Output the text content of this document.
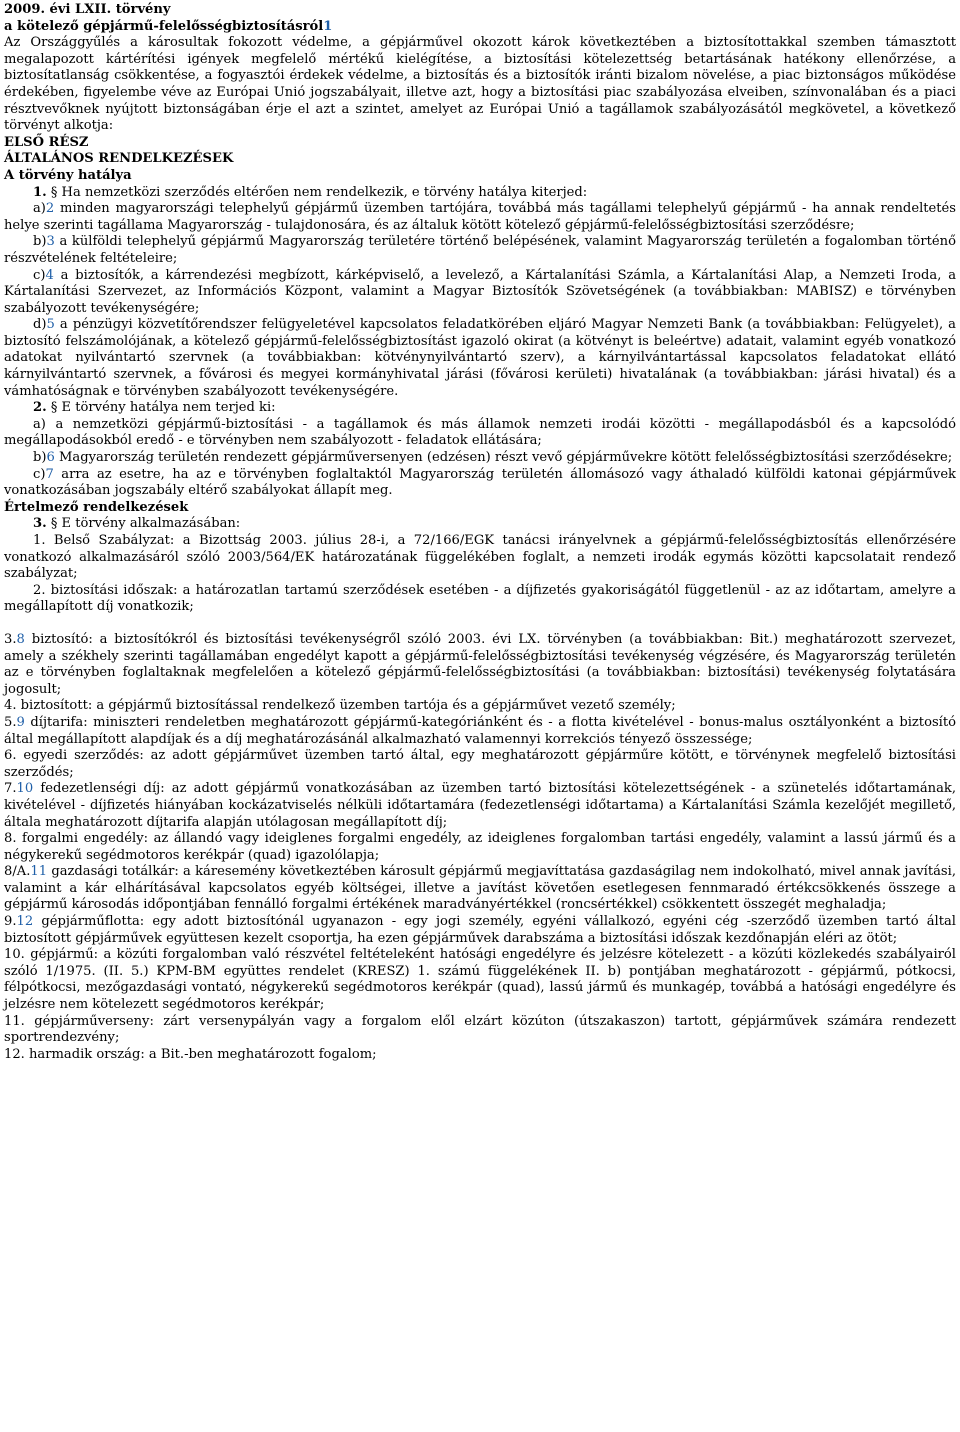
2009. évi LXII. törvény

a kötelező gépjármű-felelősségbiztosításról1

Az Országgyűlés a károsultak fokozott védelme, a gépjárművel okozott károk következtében a biztosítottakkal szemben támasztott megalapozott kártérítési igények megfelelő mértékű kielégítése, a biztosítási kötelezettség betartásának hatékony ellenőrzése, a biztosítatlanság csökkentése, a fogyasztói érdekek védelme, a biztosítás és a biztosítók iránti bizalom növelése, a piac biztonságos működése érdekében, figyelembe véve az Európai Unió jogszabályait, illetve azt, hogy a biztosítási piac szabályozása elveiben, színvonalában és a piaci résztvevőknek nyújtott biztonságában érje el azt a szintet, amelyet az Európai Unió a tagállamok szabályozásától megkövetel, a következő törvényt alkotja:

ELSŐ RÉSZ

ÁLTALÁNOS RENDELKEZÉSEK

A törvény hatálya

1. § Ha nemzetközi szerződés eltérően nem rendelkezik, e törvény hatálya kiterjed:

a)2 minden magyarországi telephelyű gépjármű üzemben tartójára, továbbá más tagállami telephelyű gépjármű - ha annak rendeltetés helye szerinti tagállama Magyarország - tulajdonosára, és az általuk kötött kötelező gépjármű-felelősségbiztosítási szerződésre;

b)3 a külföldi telephelyű gépjármű Magyarország területére történő belépésének, valamint Magyarország területén a fogalomban történő részvételének feltételeire;

c)4 a biztosítók, a kárrendezési megbízott, kárképviselő, a levelező, a Kártalanítási Számla, a Kártalanítási Alap, a Nemzeti Iroda, a Kártalanítási Szervezet, az Információs Központ, valamint a Magyar Biztosítók Szövetségének (a továbbiakban: MABISZ) e törvényben szabályozott tevékenységére;

d)5 a pénzügyi közvetítőrendszer felügyeletével kapcsolatos feladatkörében eljáró Magyar Nemzeti Bank (a továbbiakban: Felügyelet), a biztosító felszámolójának, a kötelező gépjármű-felelősségbiztosítást igazoló okirat (a kötvényt is beleértve) adatait, valamint egyéb vonatkozó adatokat nyilvántartó szervnek (a továbbiakban: kötvénynyilvántartó szerv), a kárnyilvántartással kapcsolatos feladatokat ellátó kárnyilvántartó szervnek, a fővárosi és megyei kormányhivatal járási (fővárosi kerületi) hivatalának (a továbbiakban: járási hivatal) és a vámhatóságnak e törvényben szabályozott tevékenységére.

2. § E törvény hatálya nem terjed ki:

a) a nemzetközi gépjármű-biztosítási - a tagállamok és más államok nemzeti irodái közötti - megállapodásból és a kapcsolódó megállapodásokból eredő - e törvényben nem szabályozott - feladatok ellátására;

b)6 Magyarország területén rendezett gépjárműversenyen (edzésen) részt vevő gépjárművekre kötött felelősségbiztosítási szerződésekre;

c)7 arra az esetre, ha az e törvényben foglaltaktól Magyarország területén állomásozó vagy áthaladó külföldi katonai gépjárművek vonatkozásában jogszabály eltérő szabályokat állapít meg.

Értelmező rendelkezések

3. § E törvény alkalmazásában:

1. Belső Szabályzat: a Bizottság 2003. július 28-i, a 72/166/EGK tanácsi irányelvnek a gépjármű-felelősségbiztosítás ellenőrzésére vonatkozó alkalmazásáról szóló 2003/564/EK határozatának függelékében foglalt, a nemzeti irodák egymás közötti kapcsolatait rendező szabályzat;

2. biztosítási időszak: a határozatlan tartamú szerződések esetében - a díjfizetés gyakoriságától függetlenül - az az időtartam, amelyre a megállapított díj vonatkozik;

3.8 biztosító: a biztosítókról és biztosítási tevékenységről szóló 2003. évi LX. törvényben (a továbbiakban: Bit.) meghatározott szervezet, amely a székhely szerinti tagállamában engedélyt kapott a gépjármű-felelősségbiztosítási tevékenység végzésére, és Magyarország területén az e törvényben foglaltaknak megfelelően a kötelező gépjármű-felelősségbiztosítási (a továbbiakban: biztosítási) tevékenység folytatására jogosult;

4. biztosított: a gépjármű biztosítással rendelkező üzemben tartója és a gépjárművet vezető személy;

5.9 díjtarifa: miniszteri rendeletben meghatározott gépjármű-kategóriánként és - a flotta kivételével - bonus-malus osztályonként a biztosító által megállapított alapdíjak és a díj meghatározásánál alkalmazható valamennyi korrekciós tényező összessége;

6. egyedi szerződés: az adott gépjárművet üzemben tartó által, egy meghatározott gépjárműre kötött, e törvénynek megfelelő biztosítási szerződés;

7.10 fedezetlenségi díj: az adott gépjármű vonatkozásában az üzemben tartó biztosítási kötelezettségének - a szünetelés időtartamának, kivételével - díjfizetés hiányában kockázatviselés nélküli időtartamára (fedezetlenségi időtartama) a Kártalanítási Számla kezelőjét megillető, általa meghatározott díjtarifa alapján utólagosan megállapított díj;

8. forgalmi engedély: az állandó vagy ideiglenes forgalmi engedély, az ideiglenes forgalomban tartási engedély, valamint a lassú jármű és a négykerekű segédmotoros kerékpár (quad) igazolólapja;

8/A.11 gazdasági totálkár: a káresemény következtében károsult gépjármű megjavíttatása gazdaságilag nem indokolható, mivel annak javítási, valamint a kár elhárításával kapcsolatos egyéb költségei, illetve a javítást követően esetlegesen fennmaradó értékcsökkenés összege a gépjármű károsodás időpontjában fennálló forgalmi értékének maradványértékkel (roncsértékkel) csökkentett összegét meghaladja;

9.12 gépjárműflotta: egy adott biztosítónál ugyanazon - egy jogi személy, egyéni vállalkozó, egyéni cég -szerződő üzemben tartó által biztosított gépjárművek együttesen kezelt csoportja, ha ezen gépjárművek darabszáma a biztosítási időszak kezdőnapján eléri az ötöt;

10. gépjármű: a közúti forgalomban való részvétel feltételeként hatósági engedélyre és jelzésre kötelezett - a közúti közlekedés szabályairól szóló 1/1975. (II. 5.) KPM-BM együttes rendelet (KRESZ) 1. számú függelékének II. b) pontjában meghatározott - gépjármű, pótkocsi, félpótkocsi, mezőgazdasági vontató, négykerekű segédmotoros kerékpár (quad), lassú jármű és munkagép, továbbá a hatósági engedélyre és jelzésre nem kötelezett segédmotoros kerékpár;

11. gépjárműverseny: zárt versenypályán vagy a forgalom elől elzárt közúton (útszakaszon) tartott, gépjárművek számára rendezett sportrendezvény;

12. harmadik ország: a Bit.-ben meghatározott fogalom;
